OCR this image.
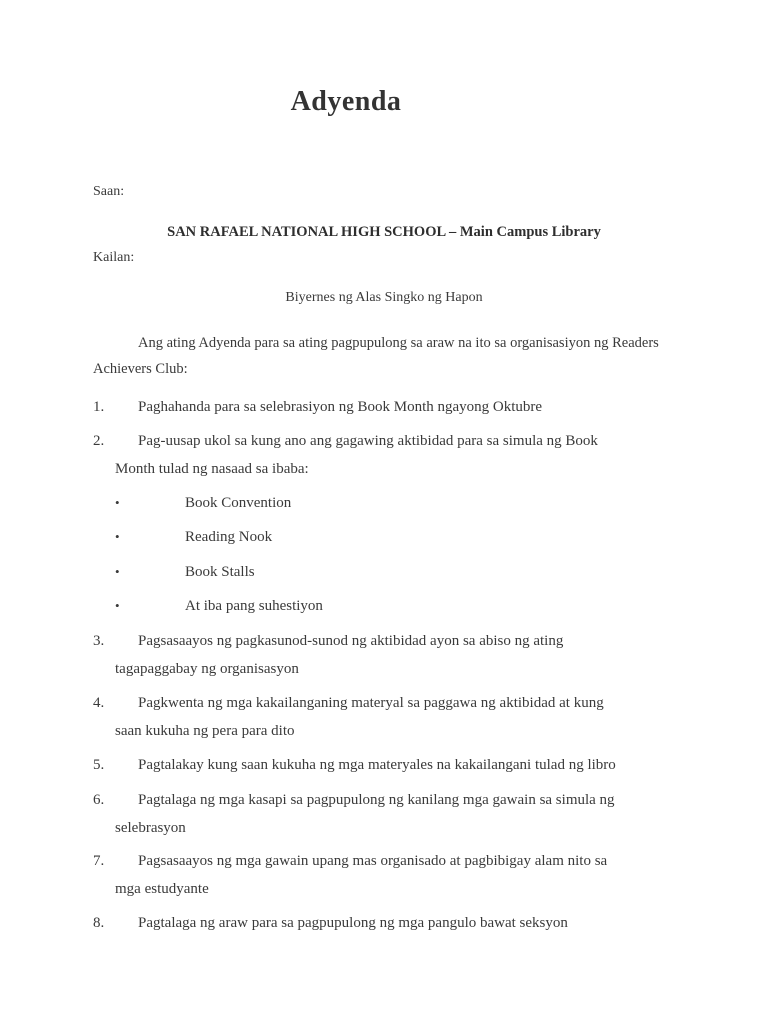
Adyenda
Saan:
SAN RAFAEL NATIONAL HIGH SCHOOL – Main Campus Library
Kailan:
Biyernes ng Alas Singko ng Hapon

Ang ating Adyenda para sa ating pagpupulong sa araw na ito sa organisasiyon ng Readers Achievers Club:

1.	Paghahanda para sa selebrasiyon ng Book Month ngayong Oktubre
2.	Pag-uusap ukol sa kung ano ang gagawing aktibidad para sa simula ng Book
Month tulad ng nasaad sa ibaba:
•	Book Convention
•	Reading Nook
•	Book Stalls
•	At iba pang suhestiyon
3.	Pagsasaayos ng pagkasunod-sunod ng aktibidad ayon sa abiso ng ating
tagapaggabay ng organisasyon
4.	Pagkwenta ng mga kakailanganing materyal sa paggawa ng aktibidad at kung
saan kukuha ng pera para dito
5.	Pagtalakay kung saan kukuha ng mga materyales na kakailangani tulad ng libro
6.	Pagtalaga ng mga kasapi sa pagpupulong ng kanilang mga gawain sa simula ng
selebrasyon
7.	Pagsasaayos ng mga gawain upang mas organisado at pagbibigay alam nito sa
mga estudyante
8.	Pagtalaga ng araw para sa pagpupulong ng mga pangulo bawat seksyon
